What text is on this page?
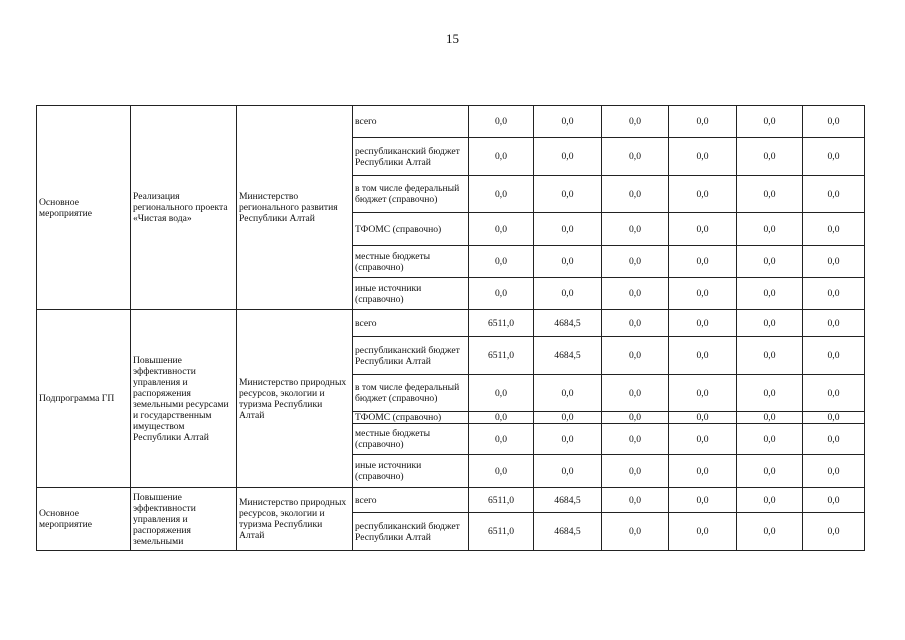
15
Основное мероприятие	Реализация регионального проекта «Чистая вода»	Министерство регионального развития Республики Алтай	всего	0,0	0,0	0,0	0,0	0,0	0,0
			республиканский бюджет Республики Алтай	0,0	0,0	0,0	0,0	0,0	0,0
			в том числе федеральный бюджет (справочно)	0,0	0,0	0,0	0,0	0,0	0,0
			ТФОМС (справочно)	0,0	0,0	0,0	0,0	0,0	0,0
			местные бюджеты (справочно)	0,0	0,0	0,0	0,0	0,0	0,0
			иные источники (справочно)	0,0	0,0	0,0	0,0	0,0	0,0
Подпрограмма ГП	Повышение эффективности управления и распоряжения земельными ресурсами и государственным имуществом Республики Алтай	Министерство природных ресурсов, экологии и туризма Республики Алтай	всего	6511,0	4684,5	0,0	0,0	0,0	0,0
			республиканский бюджет Республики Алтай	6511,0	4684,5	0,0	0,0	0,0	0,0
			в том числе федеральный бюджет (справочно)	0,0	0,0	0,0	0,0	0,0	0,0
			ТФОМС (справочно)	0,0	0,0	0,0	0,0	0,0	0,0
			местные бюджеты (справочно)	0,0	0,0	0,0	0,0	0,0	0,0
			иные источники (справочно)	0,0	0,0	0,0	0,0	0,0	0,0
Основное мероприятие	Повышение эффективности управления и распоряжения земельными	Министерство природных ресурсов, экологии и туризма Республики Алтай	всего	6511,0	4684,5	0,0	0,0	0,0	0,0
			республиканский бюджет Республики Алтай	6511,0	4684,5	0,0	0,0	0,0	0,0
